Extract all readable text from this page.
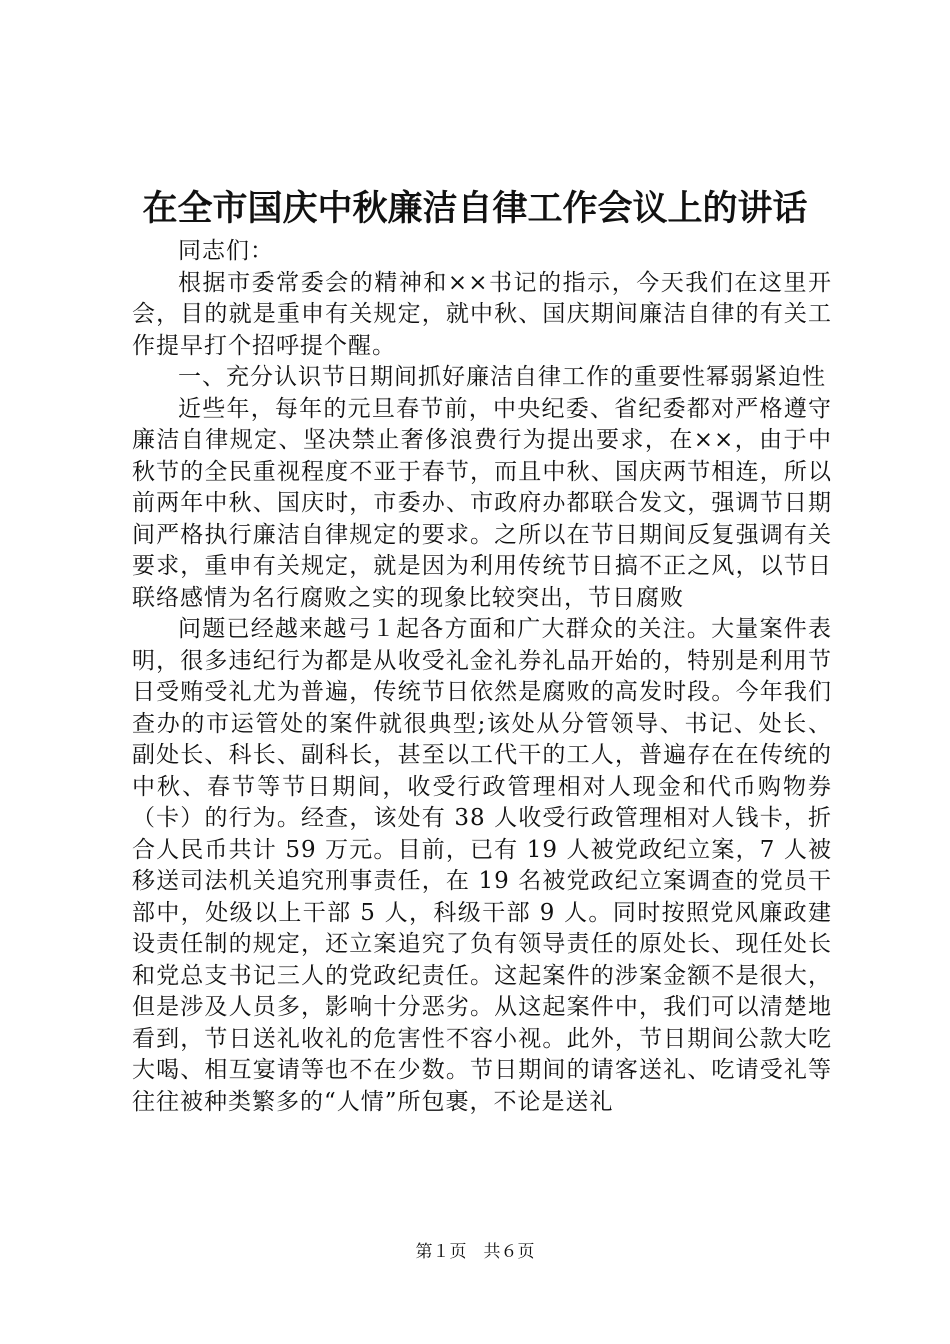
在全市国庆中秋廉洁自律工作会议上的讲话

同志们：

根据市委常委会的精神和××书记的指示，今天我们在这里开会，目的就是重申有关规定，就中秋、国庆期间廉洁自律的有关工作提早打个招呼提个醒。

一、充分认识节日期间抓好廉洁自律工作的重要性幂弱紧迫性

近些年，每年的元旦春节前，中央纪委、省纪委都对严格遵守廉洁自律规定、坚决禁止奢侈浪费行为提出要求，在××，由于中秋节的全民重视程度不亚于春节，而且中秋、国庆两节相连，所以前两年中秋、国庆时，市委办、市政府办都联合发文，强调节日期间严格执行廉洁自律规定的要求。之所以在节日期间反复强调有关要求，重申有关规定，就是因为利用传统节日搞不正之风，以节日联络感情为名行腐败之实的现象比较突出，节日腐败

问题已经越来越弓１起各方面和广大群众的关注。大量案件表明，很多违纪行为都是从收受礼金礼券礼品开始的，特别是利用节日受贿受礼尤为普遍，传统节日依然是腐败的高发时段。今年我们查办的市运管处的案件就很典型;该处从分管领导、书记、处长、副处长、科长、副科长，甚至以工代干的工人，普遍存在在传统的中秋、春节等节日期间，收受行政管理相对人现金和代币购物券（卡）的行为。经查，该处有 38 人收受行政管理相对人钱卡，折合人民币共计 59 万元。目前，已有 19 人被党政纪立案，7 人被移送司法机关追究刑事责任，在 19 名被党政纪立案调查的党员干部中，处级以上干部 5 人，科级干部 9 人。同时按照党风廉政建设责任制的规定，还立案追究了负有领导责任的原处长、现任处长和党总支书记三人的党政纪责任。这起案件的涉案金额不是很大，但是涉及人员多，影响十分恶劣。从这起案件中，我们可以清楚地看到，节日送礼收礼的危害性不容小视。此外，节日期间公款大吃大喝、相互宴请等也不在少数。节日期间的请客送礼、吃请受礼等往往被种类繁多的“人情”所包裹，不论是送礼

第１页　共６页
